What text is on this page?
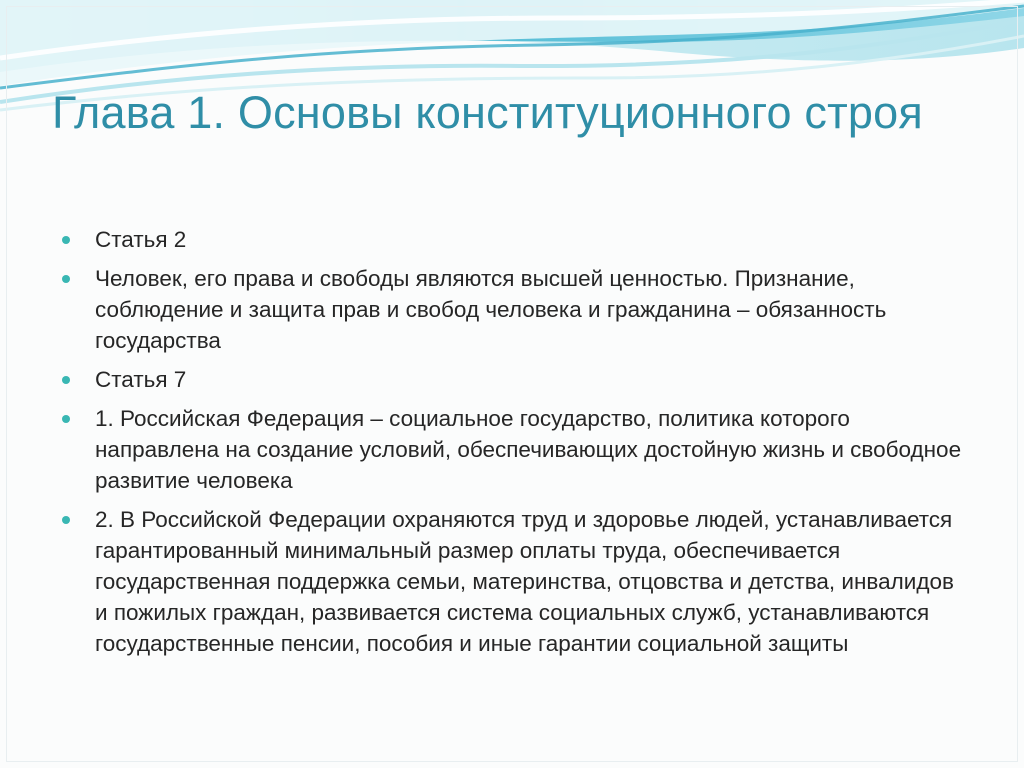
Глава 1. Основы конституционного строя
Статья 2
Человек, его права и свободы являются высшей ценностью. Признание, соблюдение и защита прав и свобод человека и гражданина – обязанность государства
Статья 7
1. Российская Федерация – социальное государство, политика которого направлена на создание условий, обеспечивающих достойную жизнь и свободное развитие человека
2. В Российской Федерации охраняются труд и здоровье людей, устанавливается гарантированный минимальный размер оплаты труда, обеспечивается государственная поддержка семьи, материнства, отцовства и детства, инвалидов и пожилых граждан, развивается система социальных служб, устанавливаются государственные пенсии, пособия и иные гарантии социальной защиты
